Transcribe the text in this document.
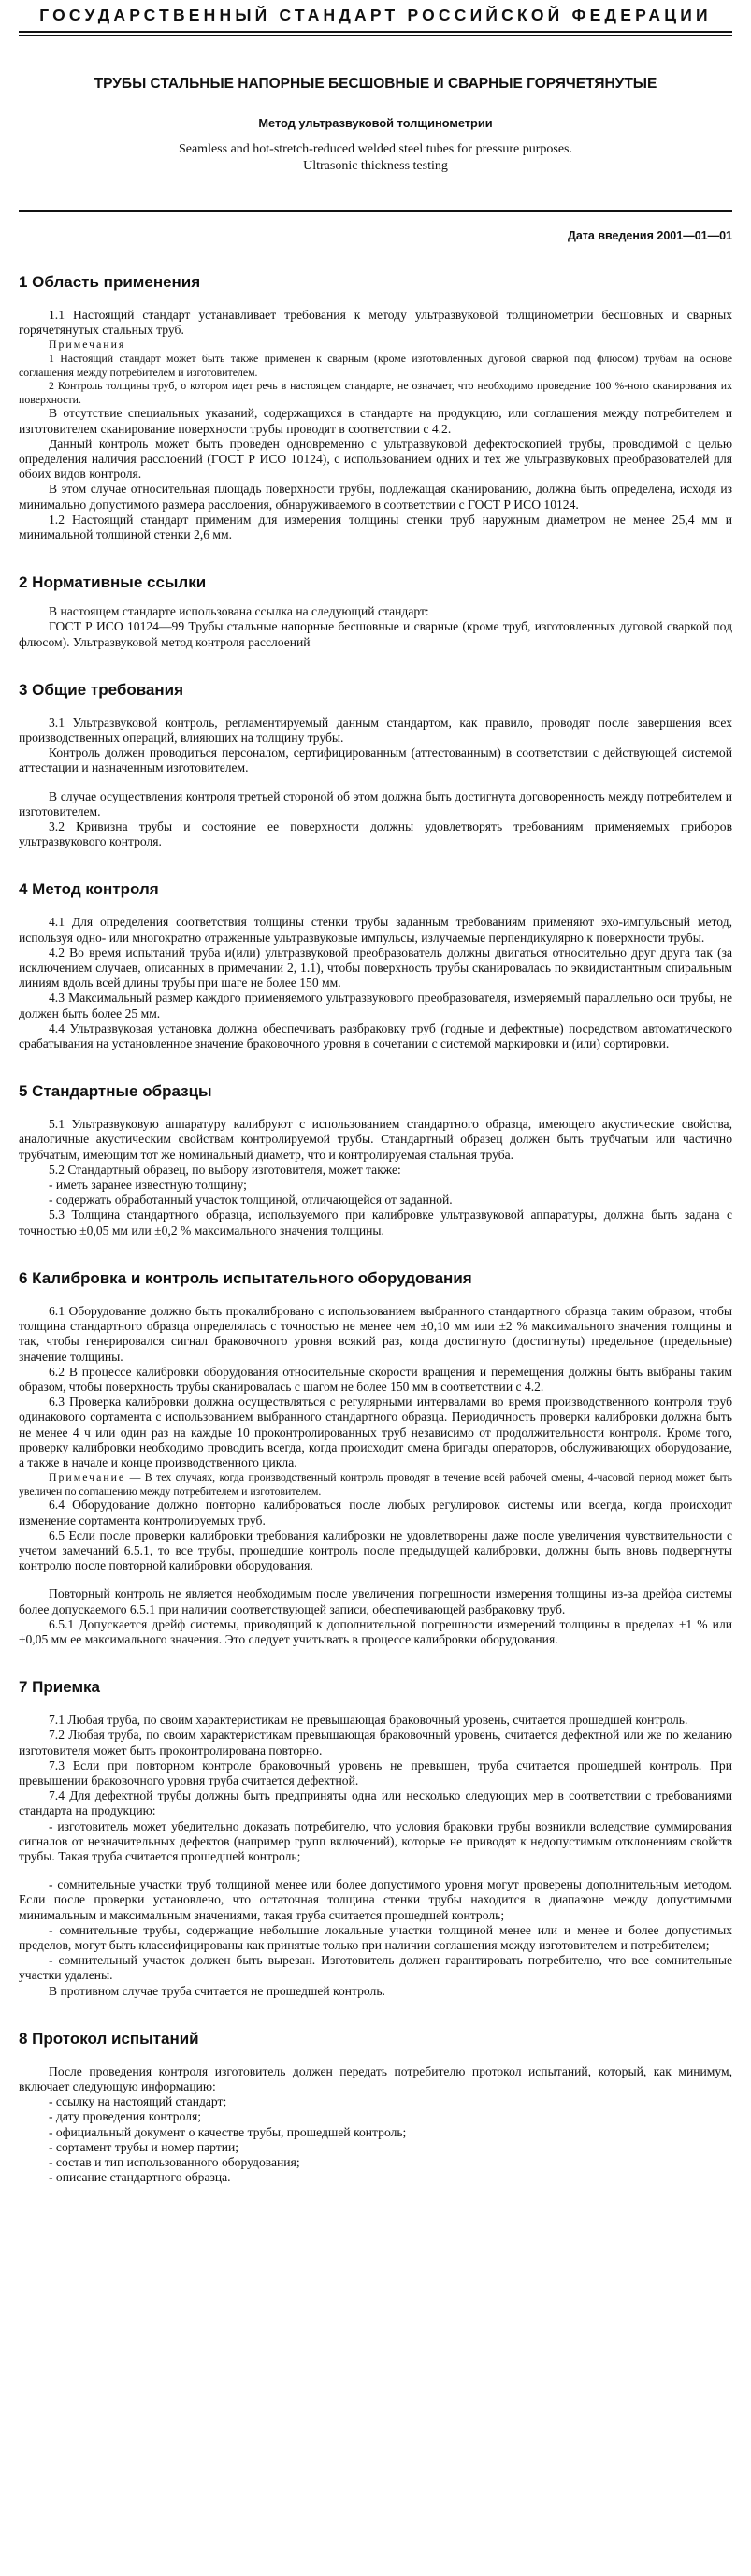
ГОСУДАРСТВЕННЫЙ СТАНДАРТ РОССИЙСКОЙ ФЕДЕРАЦИИ
ТРУБЫ СТАЛЬНЫЕ НАПОРНЫЕ БЕСШОВНЫЕ И СВАРНЫЕ ГОРЯЧЕТЯНУТЫЕ
Метод ультразвуковой толщинометрии
Seamless and hot-stretch-reduced welded steel tubes for pressure purposes.
Ultrasonic thickness testing
Дата введения 2001—01—01
1 Область применения

1.1 Настоящий стандарт устанавливает требования к методу ультразвуковой толщинометрии бесшовных и сварных горячетянутых стальных труб.

Примечания

1 Настоящий стандарт может быть также применен к сварным (кроме изготовленных дуговой сваркой под флюсом) трубам на основе соглашения между потребителем и изготовителем.

2 Контроль толщины труб, о котором идет речь в настоящем стандарте, не означает, что необходимо проведение 100 %-ного сканирования их поверхности.

В отсутствие специальных указаний, содержащихся в стандарте на продукцию, или соглашения между потребителем и изготовителем сканирование поверхности трубы проводят в соответствии с 4.2.

Данный контроль может быть проведен одновременно с ультразвуковой дефектоскопией трубы, проводимой с целью определения наличия расслоений (ГОСТ Р ИСО 10124), с использованием одних и тех же ультразвуковых преобразователей для обоих видов контроля.

В этом случае относительная площадь поверхности трубы, подлежащая сканированию, должна быть определена, исходя из минимально допустимого размера расслоения, обнаруживаемого в соответствии с ГОСТ Р ИСО 10124.

1.2 Настоящий стандарт применим для измерения толщины стенки труб наружным диаметром не менее 25,4 мм и минимальной толщиной стенки 2,6 мм.

2 Нормативные ссылки

В настоящем стандарте использована ссылка на следующий стандарт:

ГОСТ Р ИСО 10124—99 Трубы стальные напорные бесшовные и сварные (кроме труб, изготовленных дуговой сваркой под флюсом). Ультразвуковой метод контроля расслоений

3 Общие требования

3.1 Ультразвуковой контроль, регламентируемый данным стандартом, как правило, проводят после завершения всех производственных операций, влияющих на толщину трубы.

Контроль должен проводиться персоналом, сертифицированным (аттестованным) в соответствии с действующей системой аттестации и назначенным изготовителем.

В случае осуществления контроля третьей стороной об этом должна быть достигнута договоренность между потребителем и изготовителем.

3.2 Кривизна трубы и состояние ее поверхности должны удовлетворять требованиям применяемых приборов ультразвукового контроля.

4 Метод контроля

4.1 Для определения соответствия толщины стенки трубы заданным требованиям применяют эхо-импульсный метод, используя одно- или многократно отраженные ультразвуковые импульсы, излучаемые перпендикулярно к поверхности трубы.

4.2 Во время испытаний труба и(или) ультразвуковой преобразователь должны двигаться относительно друг друга так (за исключением случаев, описанных в примечании 2, 1.1), чтобы поверхность трубы сканировалась по эквидистантным спиральным линиям вдоль всей длины трубы при шаге не более 150 мм.

4.3 Максимальный размер каждого применяемого ультразвукового преобразователя, измеряемый параллельно оси трубы, не должен быть более 25 мм.

4.4 Ультразвуковая установка должна обеспечивать разбраковку труб (годные и дефектные) посредством автоматического срабатывания на установленное значение браковочного уровня в сочетании с системой маркировки и (или) сортировки.

5 Стандартные образцы

5.1 Ультразвуковую аппаратуру калибруют с использованием стандартного образца, имеющего акустические свойства, аналогичные акустическим свойствам контролируемой трубы. Стандартный образец должен быть трубчатым или частично трубчатым, имеющим тот же номинальный диаметр, что и контролируемая стальная труба.

5.2 Стандартный образец, по выбору изготовителя, может также:

- иметь заранее известную толщину;

- содержать обработанный участок толщиной, отличающейся от заданной.

5.3 Толщина стандартного образца, используемого при калибровке ультразвуковой аппаратуры, должна быть задана с точностью ±0,05 мм или ±0,2 % максимального значения толщины.

6 Калибровка и контроль испытательного оборудования

6.1 Оборудование должно быть прокалибровано с использованием выбранного стандартного образца таким образом, чтобы толщина стандартного образца определялась с точностью не менее чем ±0,10 мм или ±2 % максимального значения толщины и так, чтобы генерировался сигнал браковочного уровня всякий раз, когда достигнуто (достигнуты) предельное (предельные) значение толщины.

6.2 В процессе калибровки оборудования относительные скорости вращения и перемещения должны быть выбраны таким образом, чтобы поверхность трубы сканировалась с шагом не более 150 мм в соответствии с 4.2.

6.3 Проверка калибровки должна осуществляться с регулярными интервалами во время производственного контроля труб одинакового сортамента с использованием выбранного стандартного образца. Периодичность проверки калибровки должна быть не менее 4 ч или один раз на каждые 10 проконтролированных труб независимо от продолжительности контроля. Кроме того, проверку калибровки необходимо проводить всегда, когда происходит смена бригады операторов, обслуживающих оборудование, а также в начале и конце производственного цикла.

Примечание — В тех случаях, когда производственный контроль проводят в течение всей рабочей смены, 4-часовой период может быть увеличен по соглашению между потребителем и изготовителем.

6.4 Оборудование должно повторно калиброваться после любых регулировок системы или всегда, когда происходит изменение сортамента контролируемых труб.

6.5 Если после проверки калибровки требования калибровки не удовлетворены даже после увеличения чувствительности с учетом замечаний 6.5.1, то все трубы, прошедшие контроль после предыдущей калибровки, должны быть вновь подвергнуты контролю после повторной калибровки оборудования.

Повторный контроль не является необходимым после увеличения погрешности измерения толщины из-за дрейфа системы более допускаемого 6.5.1 при наличии соответствующей записи, обеспечивающей разбраковку труб.

6.5.1 Допускается дрейф системы, приводящий к дополнительной погрешности измерений толщины в пределах ±1 % или ±0,05 мм ее максимального значения. Это следует учитывать в процессе калибровки оборудования.

7 Приемка

7.1 Любая труба, по своим характеристикам не превышающая браковочный уровень, считается прошедшей контроль.

7.2 Любая труба, по своим характеристикам превышающая браковочный уровень, считается дефектной или же по желанию изготовителя может быть проконтролирована повторно.

7.3 Если при повторном контроле браковочный уровень не превышен, труба считается прошедшей контроль. При превышении браковочного уровня труба считается дефектной.

7.4 Для дефектной трубы должны быть предприняты одна или несколько следующих мер в соответствии с требованиями стандарта на продукцию:

- изготовитель может убедительно доказать потребителю, что условия браковки трубы возникли вследствие суммирования сигналов от незначительных дефектов (например групп включений), которые не приводят к недопустимым отклонениям свойств трубы. Такая труба считается прошедшей контроль;

- сомнительные участки труб толщиной менее или более допустимого уровня могут проверены дополнительным методом. Если после проверки установлено, что остаточная толщина стенки трубы находится в диапазоне между допустимыми минимальным и максимальным значениями, такая труба считается прошедшей контроль;

- сомнительные трубы, содержащие небольшие локальные участки толщиной менее или и менее и более допустимых пределов, могут быть классифицированы как принятые только при наличии соглашения между изготовителем и потребителем;

- сомнительный участок должен быть вырезан. Изготовитель должен гарантировать потребителю, что все сомнительные участки удалены.

В противном случае труба считается не прошедшей контроль.

8 Протокол испытаний

После проведения контроля изготовитель должен передать потребителю протокол испытаний, который, как минимум, включает следующую информацию:

- ссылку на настоящий стандарт;

- дату проведения контроля;

- официальный документ о качестве трубы, прошедшей контроль;

- сортамент трубы и номер партии;

- состав и тип использованного оборудования;

- описание стандартного образца.
